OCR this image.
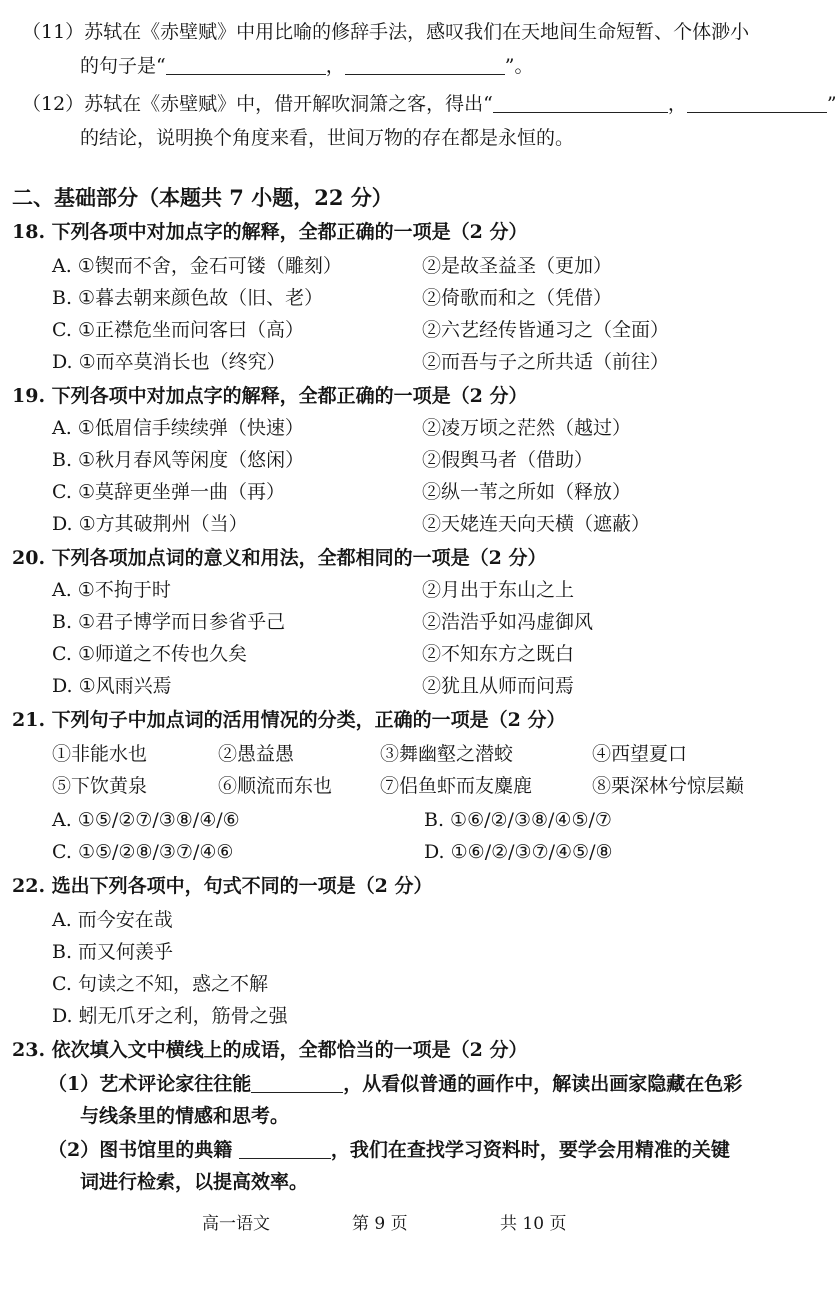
（11）苏轼在《赤壁赋》中用比喻的修辞手法，感叹我们在天地间生命短暂、个体渺小
的句子是“	，	”。
（12）苏轼在《赤壁赋》中，借开解吹洞箫之客，得出“	，	”
的结论，说明换个角度来看，世间万物的存在都是永恒的。
二、基础部分（本题共 7 小题，22 分）
18. 下列各项中对加点字的解释，全都正确的一项是（2 分）
A. ①锲而不舍，金石可镂（雕刻）	②是故圣益圣（更加）
B. ①暮去朝来颜色故（旧、老）	②倚歌而和之（凭借）
C. ①正襟危坐而问客曰（高）	②六艺经传皆通习之（全面）
D. ①而卒莫消长也（终究）	②而吾与子之所共适（前往）
19. 下列各项中对加点字的解释，全都正确的一项是（2 分）
A. ①低眉信手续续弹（快速）	②凌万顷之茫然（越过）
B. ①秋月春风等闲度（悠闲）	②假舆马者（借助）
C. ①莫辞更坐弹一曲（再）	②纵一苇之所如（释放）
D. ①方其破荆州（当）	②天姥连天向天横（遮蔽）
20. 下列各项加点词的意义和用法，全都相同的一项是（2 分）
A. ①不拘于时	②月出于东山之上
B. ①君子博学而日参省乎己	②浩浩乎如冯虚御风
C. ①师道之不传也久矣	②不知东方之既白
D. ①风雨兴焉	②犹且从师而问焉
21. 下列句子中加点词的活用情况的分类，正确的一项是（2 分）
①非能水也	②愚益愚	③舞幽壑之潜蛟	④西望夏口
⑤下饮黄泉	⑥顺流而东也	⑦侣鱼虾而友麋鹿	⑧栗深林兮惊层巅
A. ①⑤/②⑦/③⑧/④/⑥	B. ①⑥/②/③⑧/④⑤/⑦
C. ①⑤/②⑧/③⑦/④⑥	D. ①⑥/②/③⑦/④⑤/⑧
22. 选出下列各项中，句式不同的一项是（2 分）
A. 而今安在哉
B. 而又何羡乎
C. 句读之不知，惑之不解
D. 蚓无爪牙之利，筋骨之强
23. 依次填入文中横线上的成语，全都恰当的一项是（2 分）
（1）艺术评论家往往能	，从看似普通的画作中，解读出画家隐藏在色彩
与线条里的情感和思考。
（2）图书馆里的典籍	，我们在查找学习资料时，要学会用精准的关键
词进行检索，以提高效率。
高一语文	第 9 页	共 10 页
